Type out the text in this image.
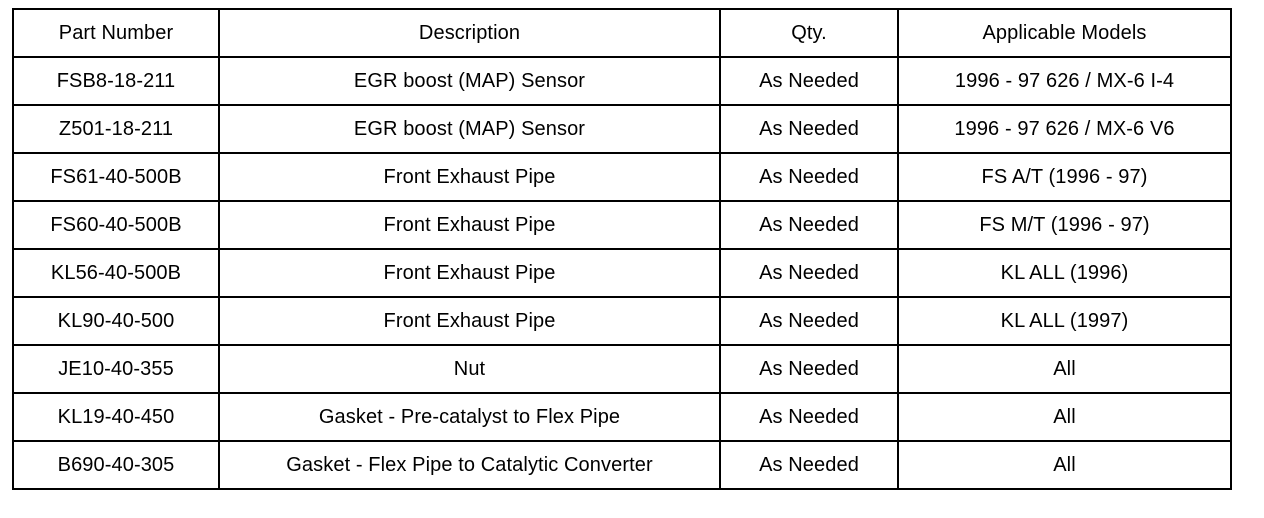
Part Number	Description	Qty.	Applicable Models
FSB8-18-211	EGR boost (MAP) Sensor	As Needed	1996 - 97 626 / MX-6 I-4
Z501-18-211	EGR boost (MAP) Sensor	As Needed	1996 - 97 626 / MX-6 V6
FS61-40-500B	Front Exhaust Pipe	As Needed	FS A/T (1996 - 97)
FS60-40-500B	Front Exhaust Pipe	As Needed	FS M/T (1996 - 97)
KL56-40-500B	Front Exhaust Pipe	As Needed	KL ALL (1996)
KL90-40-500	Front Exhaust Pipe	As Needed	KL ALL (1997)
JE10-40-355	Nut	As Needed	All
KL19-40-450	Gasket - Pre-catalyst to Flex Pipe	As Needed	All
B690-40-305	Gasket - Flex Pipe to Catalytic Converter	As Needed	All
